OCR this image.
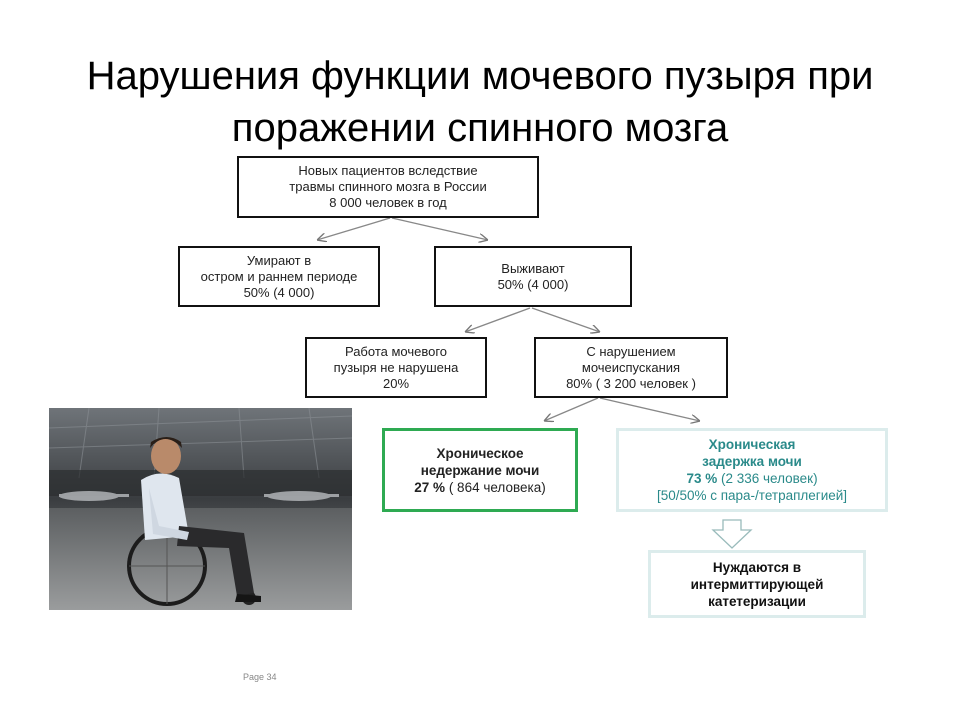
Нарушения функции мочевого пузыря при
поражении спинного мозга
Новых пациентов вследствие
травмы спинного мозга в России
8 000 человек в год
Умирают в
остром и раннем периоде
50% (4 000)
Выживают
50% (4 000)
Работа мочевого
пузыря не нарушена
20%
С нарушением
мочеиспускания
80% ( 3 200 человек )
Хроническое
недержание мочи
27 % ( 864 человека)
Хроническая
задержка мочи
73 % (2 336 человек)
[50/50% с пара-/тетраплегией]
Нуждаются в
интермиттирующей
катетеризации
Page 34
